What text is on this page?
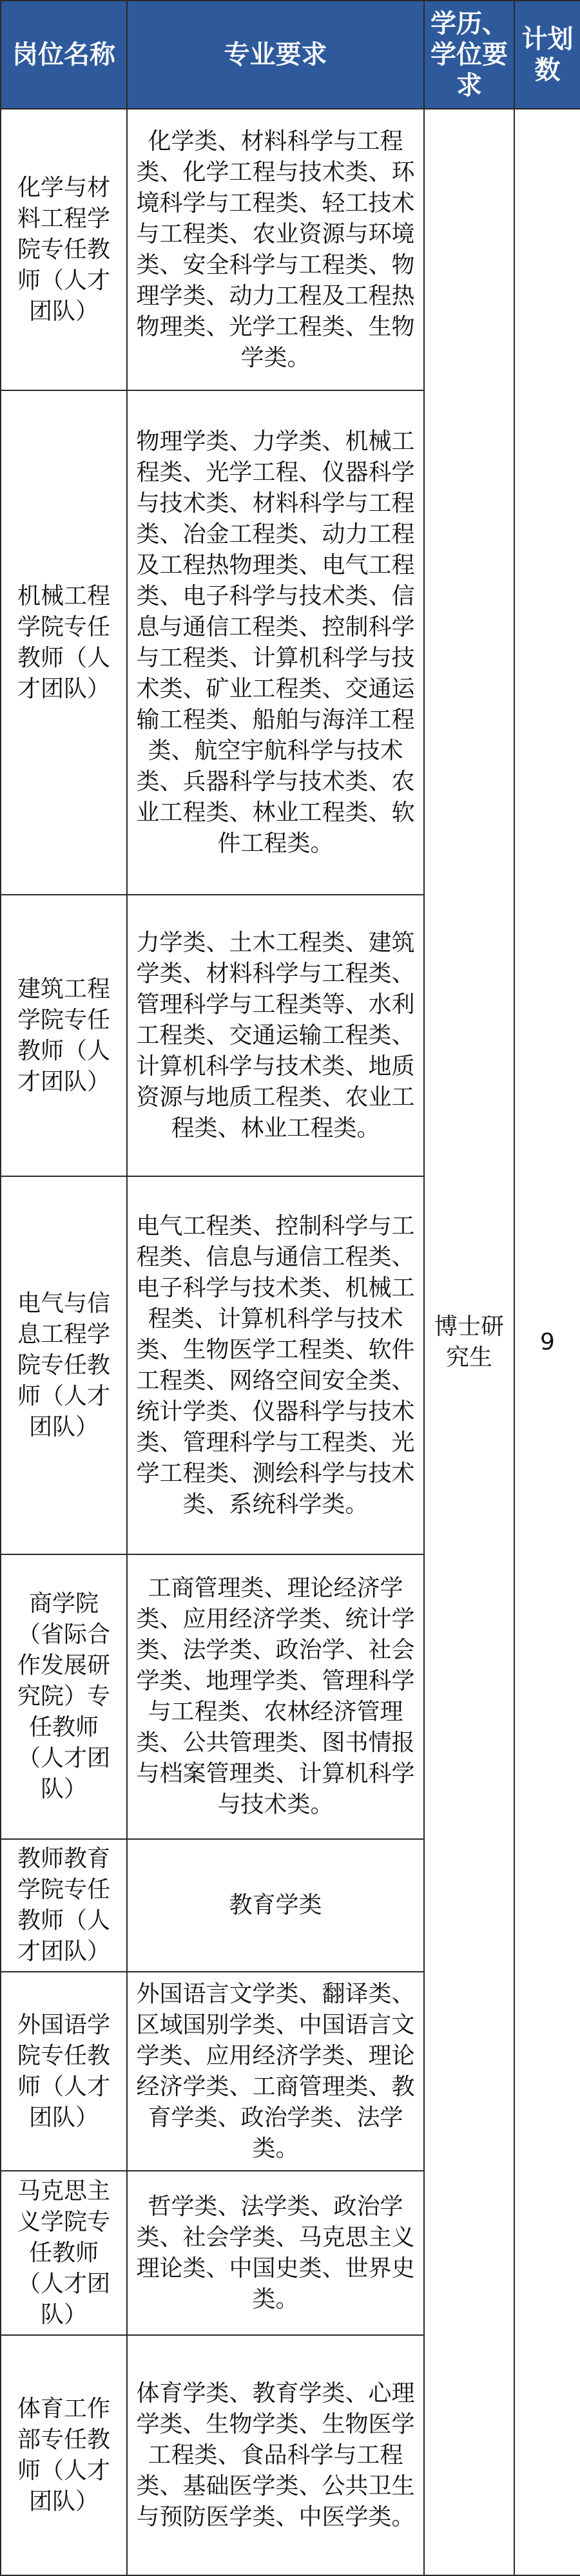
岗位名称	专业要求	学历、学位要求	计划数
化学与材料工程学院专任教师（人才团队）	化学类、材料科学与工程类、化学工程与技术类、环境科学与工程类、轻工技术与工程类、农业资源与环境类、安全科学与工程类、物理学类、动力工程及工程热物理类、光学工程类、生物学类。	博士研究生	9
机械工程学院专任教师（人才团队）	物理学类、力学类、机械工程类、光学工程、仪器科学与技术类、材料科学与工程类、冶金工程类、动力工程及工程热物理类、电气工程类、电子科学与技术类、信息与通信工程类、控制科学与工程类、计算机科学与技术类、矿业工程类、交通运输工程类、船舶与海洋工程类、航空宇航科学与技术类、兵器科学与技术类、农业工程类、林业工程类、软件工程类。		
建筑工程学院专任教师（人才团队）	力学类、土木工程类、建筑学类、材料科学与工程类、管理科学与工程类等、水利工程类、交通运输工程类、计算机科学与技术类、地质资源与地质工程类、农业工程类、林业工程类。		
电气与信息工程学院专任教师（人才团队）	电气工程类、控制科学与工程类、信息与通信工程类、电子科学与技术类、机械工程类、计算机科学与技术类、生物医学工程类、软件工程类、网络空间安全类、统计学类、仪器科学与技术类、管理科学与工程类、光学工程类、测绘科学与技术类、系统科学类。		
商学院（省际合作发展研究院）专任教师（人才团队）	工商管理类、理论经济学类、应用经济学类、统计学类、法学类、政治学、社会学类、地理学类、管理科学与工程类、农林经济管理类、公共管理类、图书情报与档案管理类、计算机科学与技术类。		
教师教育学院专任教师（人才团队）	教育学类		
外国语学院专任教师（人才团队）	外国语言文学类、翻译类、区域国别学类、中国语言文学类、应用经济学类、理论经济学类、工商管理类、教育学类、政治学类、法学类。		
马克思主义学院专任教师（人才团队）	哲学类、法学类、政治学类、社会学类、马克思主义理论类、中国史类、世界史类。		
体育工作部专任教师（人才团队）	体育学类、教育学类、心理学类、生物学类、生物医学工程类、食品科学与工程类、基础医学类、公共卫生与预防医学类、中医学类。		
